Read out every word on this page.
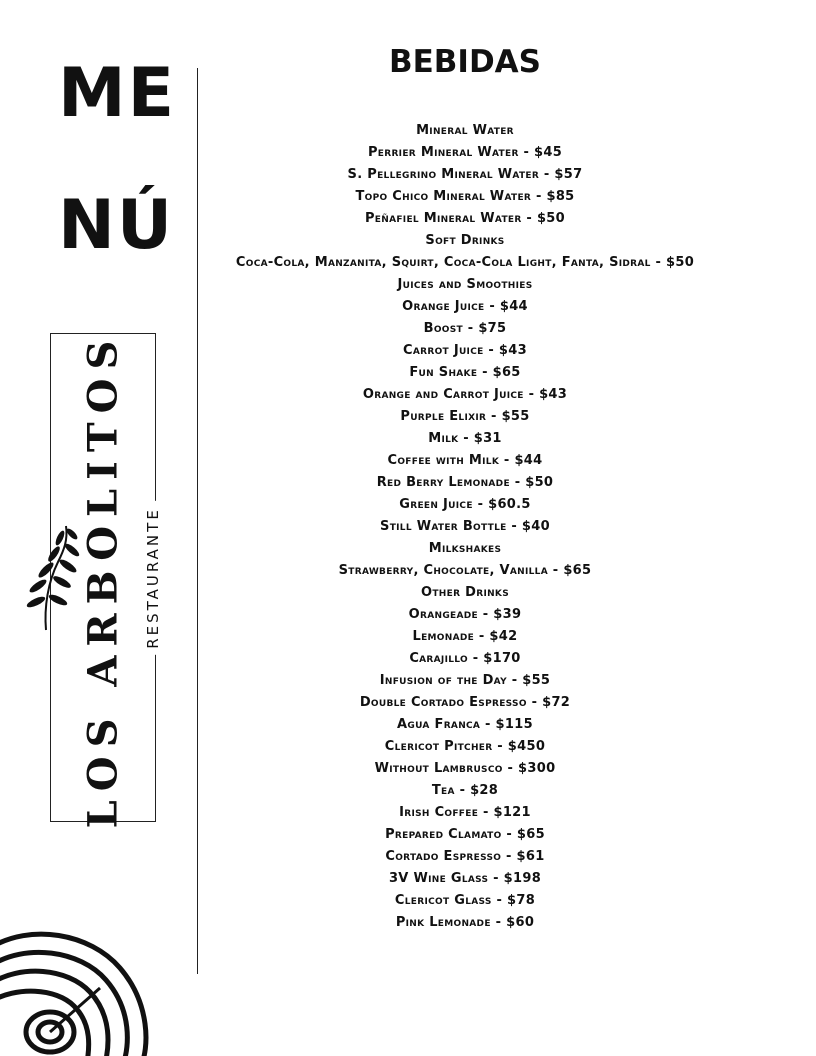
ME
NÚ
LOS ARBOLITOS RESTAURANTE
BEBIDAS
Mineral Water
Perrier Mineral Water - $45
S. Pellegrino Mineral Water - $57
Topo Chico Mineral Water - $85
Peñafiel Mineral Water - $50
Soft Drinks
Coca-Cola, Manzanita, Squirt, Coca-Cola Light, Fanta, Sidral - $50
Juices and Smoothies
Orange Juice - $44
Boost - $75
Carrot Juice - $43
Fun Shake - $65
Orange and Carrot Juice - $43
Purple Elixir - $55
Milk - $31
Coffee with Milk - $44
Red Berry Lemonade - $50
Green Juice - $60.5
Still Water Bottle - $40
Milkshakes
Strawberry, Chocolate, Vanilla - $65
Other Drinks
Orangeade - $39
Lemonade - $42
Carajillo - $170
Infusion of the Day - $55
Double Cortado Espresso - $72
Agua Franca - $115
Clericot Pitcher - $450
Without Lambrusco - $300
Tea - $28
Irish Coffee - $121
Prepared Clamato - $65
Cortado Espresso - $61
3V Wine Glass - $198
Clericot Glass - $78
Pink Lemonade - $60
